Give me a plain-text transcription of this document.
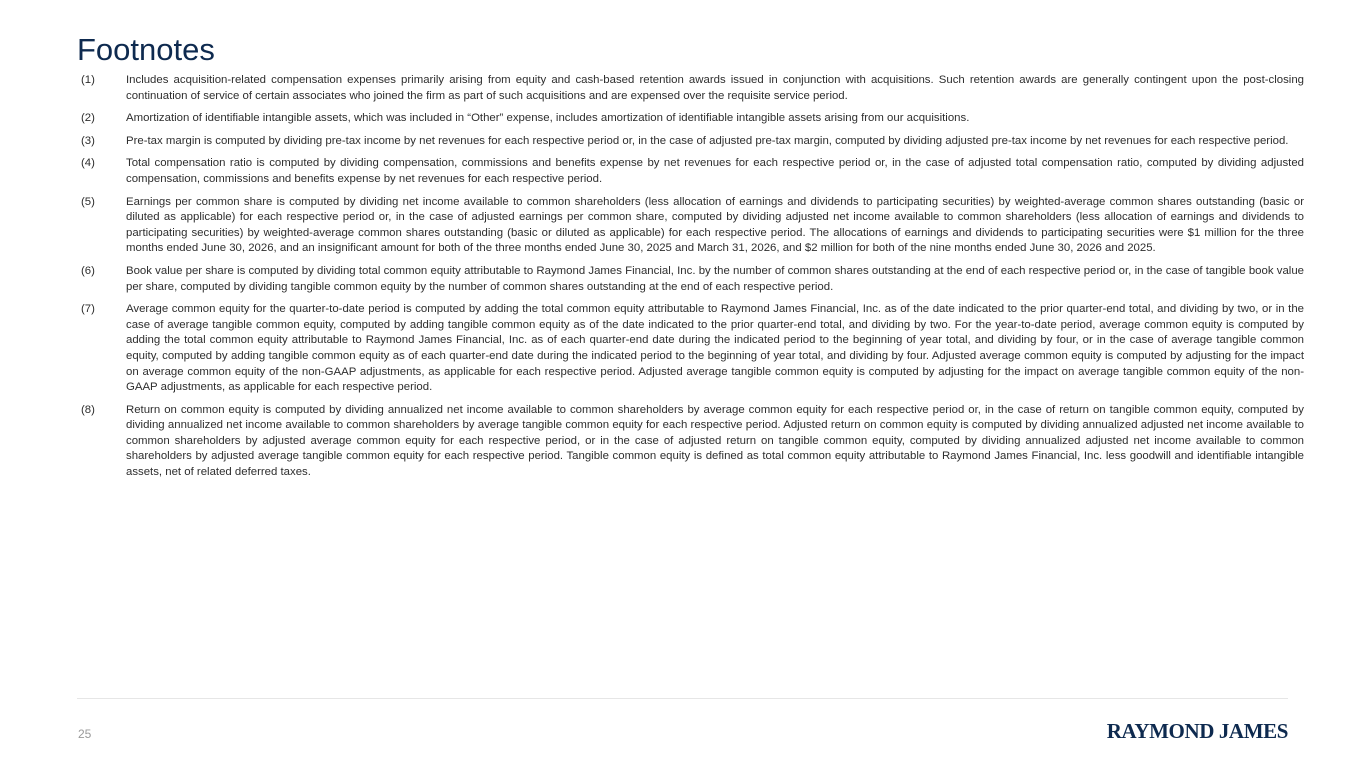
Footnotes
(1)	Includes acquisition-related compensation expenses primarily arising from equity and cash-based retention awards issued in conjunction with acquisitions. Such retention awards are generally contingent upon the post-closing continuation of service of certain associates who joined the firm as part of such acquisitions and are expensed over the requisite service period.

(2)	Amortization of identifiable intangible assets, which was included in “Other” expense, includes amortization of identifiable intangible assets arising from our acquisitions.

(3)	Pre-tax margin is computed by dividing pre-tax income by net revenues for each respective period or, in the case of adjusted pre-tax margin, computed by dividing adjusted pre-tax income by net revenues for each respective period.

(4)	Total compensation ratio is computed by dividing compensation, commissions and benefits expense by net revenues for each respective period or, in the case of adjusted total compensation ratio, computed by dividing adjusted compensation, commissions and benefits expense by net revenues for each respective period.

(5)	Earnings per common share is computed by dividing net income available to common shareholders (less allocation of earnings and dividends to participating securities) by weighted-average common shares outstanding (basic or diluted as applicable) for each respective period or, in the case of adjusted earnings per common share, computed by dividing adjusted net income available to common shareholders (less allocation of earnings and dividends to participating securities) by weighted-average common shares outstanding (basic or diluted as applicable) for each respective period. The allocations of earnings and dividends to participating securities were $1 million for the three months ended June 30, 2026, and an insignificant amount for both of the three months ended June 30, 2025 and March 31, 2026, and $2 million for both of the nine months ended June 30, 2026 and 2025.

(6)	Book value per share is computed by dividing total common equity attributable to Raymond James Financial, Inc. by the number of common shares outstanding at the end of each respective period or, in the case of tangible book value per share, computed by dividing tangible common equity by the number of common shares outstanding at the end of each respective period.

(7)	Average common equity for the quarter-to-date period is computed by adding the total common equity attributable to Raymond James Financial, Inc. as of the date indicated to the prior quarter-end total, and dividing by two, or in the case of average tangible common equity, computed by adding tangible common equity as of the date indicated to the prior quarter-end total, and dividing by two. For the year-to-date period, average common equity is computed by adding the total common equity attributable to Raymond James Financial, Inc. as of each quarter-end date during the indicated period to the beginning of year total, and dividing by four, or in the case of average tangible common equity, computed by adding tangible common equity as of each quarter-end date during the indicated period to the beginning of year total, and dividing by four. Adjusted average common equity is computed by adjusting for the impact on average common equity of the non-GAAP adjustments, as applicable for each respective period. Adjusted average tangible common equity is computed by adjusting for the impact on average tangible common equity of the non-GAAP adjustments, as applicable for each respective period.

(8)	Return on common equity is computed by dividing annualized net income available to common shareholders by average common equity for each respective period or, in the case of return on tangible common equity, computed by dividing annualized net income available to common shareholders by average tangible common equity for each respective period. Adjusted return on common equity is computed by dividing annualized adjusted net income available to common shareholders by adjusted average common equity for each respective period, or in the case of adjusted return on tangible common equity, computed by dividing annualized adjusted net income available to common shareholders by adjusted average tangible common equity for each respective period. Tangible common equity is defined as total common equity attributable to Raymond James Financial, Inc. less goodwill and identifiable intangible assets, net of related deferred taxes.

25	RAYMOND JAMES
